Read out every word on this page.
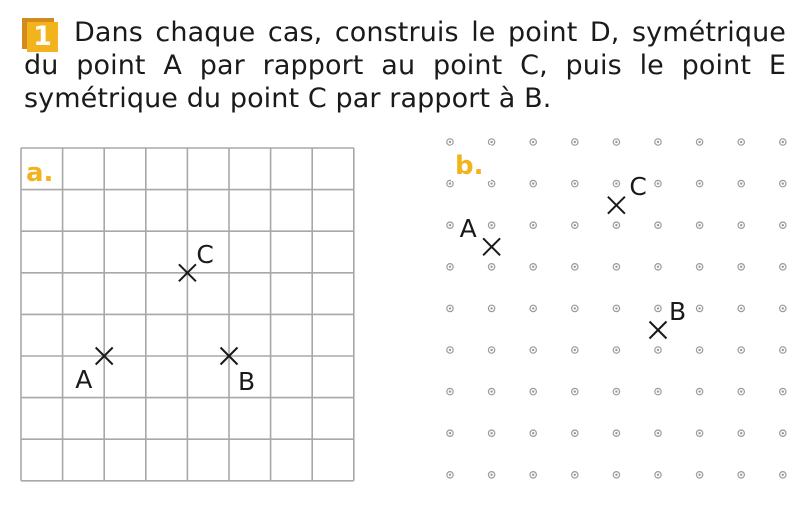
1 Dans chaque cas, construis le point D, symétrique du point A par rapport au point C, puis le point E symétrique du point C par rapport à B.

a.
A
C
B
b.
A
C
B
